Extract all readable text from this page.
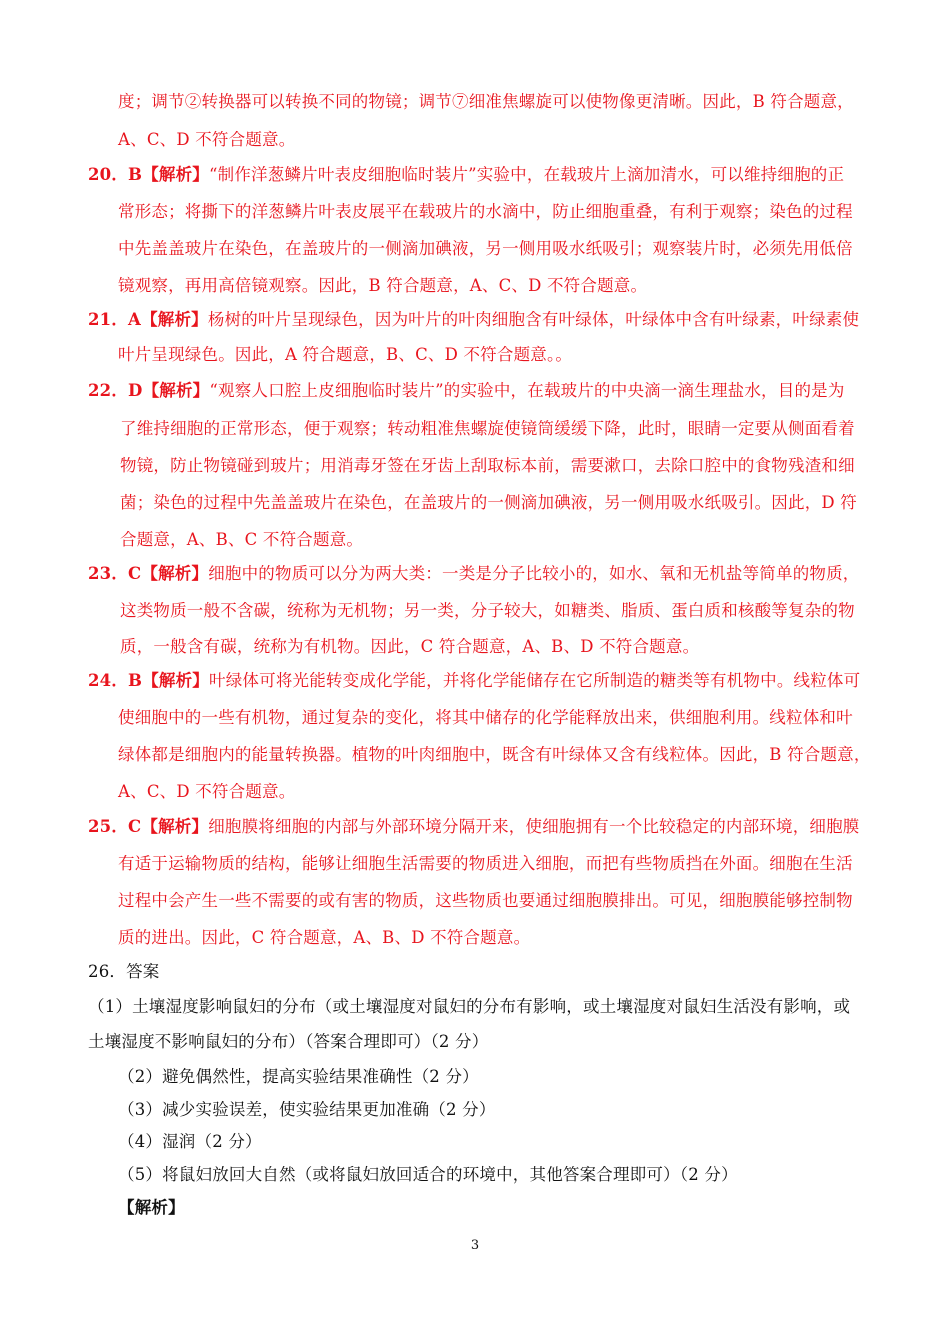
度；调节②转换器可以转换不同的物镜；调节⑦细准焦螺旋可以使物像更清晰。因此，B 符合题意，
A、C、D 不符合题意。
20．B【解析】“制作洋葱鳞片叶表皮细胞临时装片”实验中，在载玻片上滴加清水，可以维持细胞的正
常形态；将撕下的洋葱鳞片叶表皮展平在载玻片的水滴中，防止细胞重叠，有利于观察；染色的过程
中先盖盖玻片在染色，在盖玻片的一侧滴加碘液，另一侧用吸水纸吸引；观察装片时，必须先用低倍
镜观察，再用高倍镜观察。因此，B 符合题意，A、C、D 不符合题意。
21．A【解析】杨树的叶片呈现绿色，因为叶片的叶肉细胞含有叶绿体，叶绿体中含有叶绿素，叶绿素使
叶片呈现绿色。因此，A 符合题意，B、C、D 不符合题意。。
22．D【解析】“观察人口腔上皮细胞临时装片”的实验中，在载玻片的中央滴一滴生理盐水，目的是为
了维持细胞的正常形态，便于观察；转动粗准焦螺旋使镜筒缓缓下降，此时，眼睛一定要从侧面看着
物镜，防止物镜碰到玻片；用消毒牙签在牙齿上刮取标本前，需要漱口，去除口腔中的食物残渣和细
菌；染色的过程中先盖盖玻片在染色，在盖玻片的一侧滴加碘液，另一侧用吸水纸吸引。因此，D 符
合题意，A、B、C 不符合题意。
23．C【解析】细胞中的物质可以分为两大类：一类是分子比较小的，如水、氧和无机盐等简单的物质，
这类物质一般不含碳，统称为无机物；另一类，分子较大，如糖类、脂质、蛋白质和核酸等复杂的物
质，一般含有碳，统称为有机物。因此，C 符合题意，A、B、D 不符合题意。
24．B【解析】叶绿体可将光能转变成化学能，并将化学能储存在它所制造的糖类等有机物中。线粒体可
使细胞中的一些有机物，通过复杂的变化，将其中储存的化学能释放出来，供细胞利用。线粒体和叶
绿体都是细胞内的能量转换器。植物的叶肉细胞中，既含有叶绿体又含有线粒体。因此，B 符合题意，
A、C、D 不符合题意。
25．C【解析】细胞膜将细胞的内部与外部环境分隔开来，使细胞拥有一个比较稳定的内部环境，细胞膜
有适于运输物质的结构，能够让细胞生活需要的物质进入细胞，而把有些物质挡在外面。细胞在生活
过程中会产生一些不需要的或有害的物质，这些物质也要通过细胞膜排出。可见，细胞膜能够控制物
质的进出。因此，C 符合题意，A、B、D 不符合题意。
26．答案
（1）土壤湿度影响鼠妇的分布（或土壤湿度对鼠妇的分布有影响，或土壤湿度对鼠妇生活没有影响，或
土壤湿度不影响鼠妇的分布）（答案合理即可）（2 分）
（2）避免偶然性，提高实验结果准确性（2 分）
（3）减少实验误差，使实验结果更加准确（2 分）
（4）湿润（2 分）
（5）将鼠妇放回大自然（或将鼠妇放回适合的环境中，其他答案合理即可）（2 分）
【解析】
3
